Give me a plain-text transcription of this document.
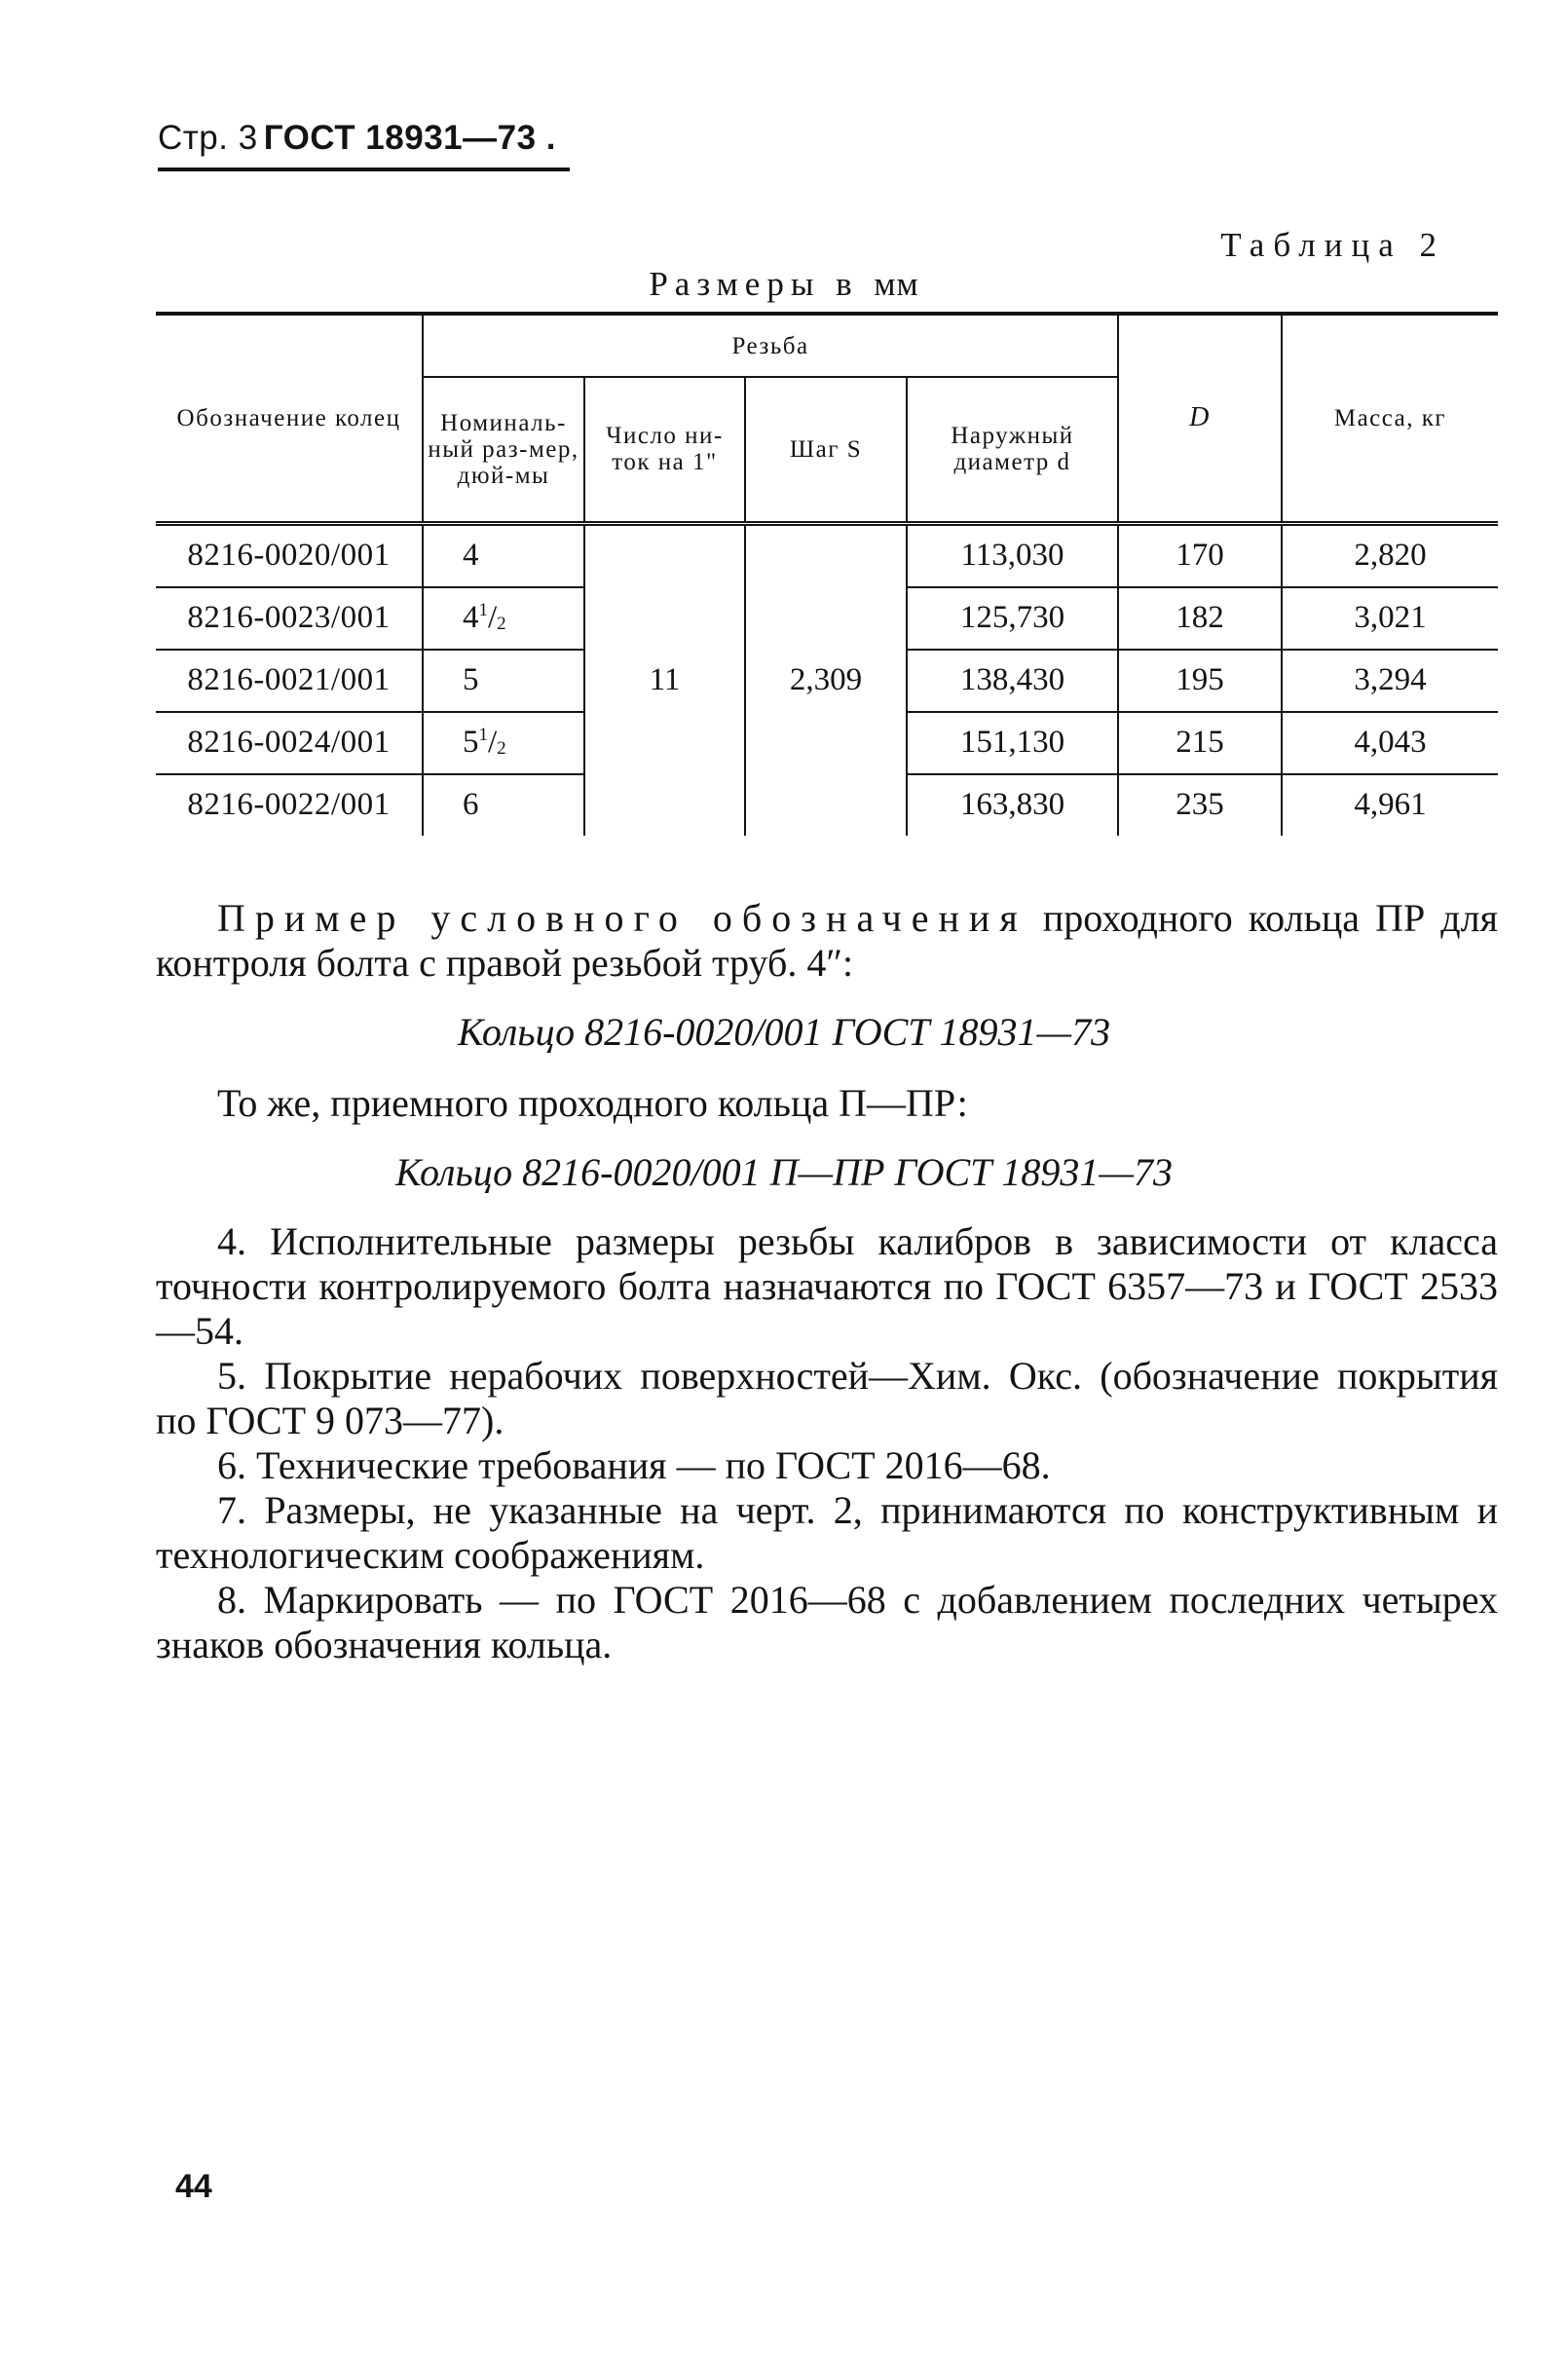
Стр. 3 ГОСТ 18931—73 .
Таблица 2
Размеры в мм
Обозначение колец	Резьба				D	Масса, кг
	Номиналь-ный раз-мер, дюй-мы	Число ни-ток на 1"	Шаг S	Наружный диаметр d		
8216-0020/001	4	11	2,309	113,030	170	2,820
8216-0023/001	$4^1/_2$			125,730	182	3,021
8216-0021/001	5			138,430	195	3,294
8216-0024/001	$5^1/_2$			151,130	215	4,043
8216-0022/001	6			163,830	235	4,961
Пример условного обозначения проходного кольца ПР для контроля болта с правой резьбой труб. 4″:
Кольцо 8216-0020/001 ГОСТ 18931—73
То же, приемного проходного кольца П—ПР:
Кольцо 8216-0020/001 П—ПР ГОСТ 18931—73

4. Исполнительные размеры резьбы калибров в зависимости от класса точности контролируемого болта назначаются по ГОСТ 6357—73 и ГОСТ 2533—54.

5. Покрытие нерабочих поверхностей—Хим. Окс. (обозначение покрытия по ГОСТ 9 073—77).

6. Технические требования — по ГОСТ 2016—68.

7. Размеры, не указанные на черт. 2, принимаются по конструктивным и технологическим соображениям.

8. Маркировать — по ГОСТ 2016—68 с добавлением последних четырех знаков обозначения кольца.

44
